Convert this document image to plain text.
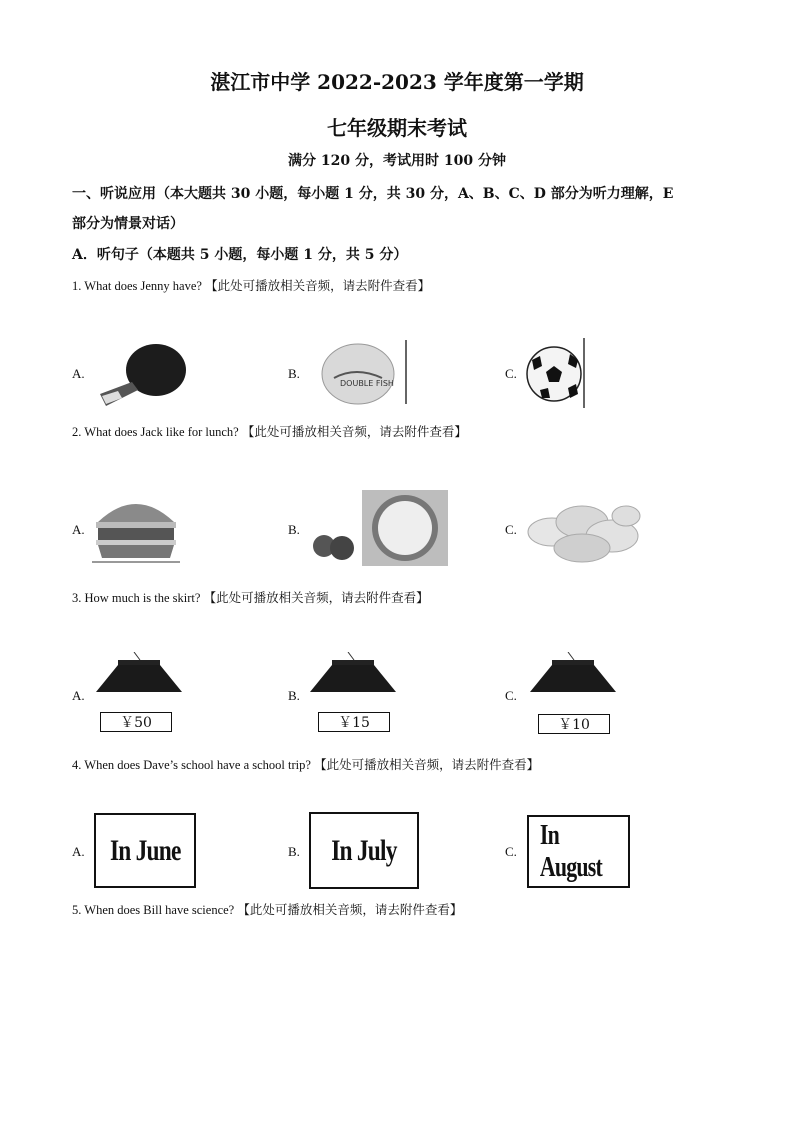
湛江市中学 2022-2023 学年度第一学期
七年级期末考试
满分 120 分，考试用时 100 分钟
一、听说应用（本大题共 30 小题，每小题 1 分，共 30 分，A、B、C、D 部分为听力理解，E
部分为情景对话）
A．听句子（本题共 5 小题，每小题 1 分，共 5 分）
1. What does Jenny have? 【此处可播放相关音频，请去附件查看】
A.	B.	C.
DOUBLE FISH
2. What does Jack like for lunch? 【此处可播放相关音频，请去附件查看】
A.	B.	C.
3. How much is the skirt? 【此处可播放相关音频，请去附件查看】
A.	B.	C.
￥50	￥15	￥10
4. When does Dave’s school have a school trip? 【此处可播放相关音频，请去附件查看】
A.	B.	C.
In June	In July	In August
5. When does Bill have science? 【此处可播放相关音频，请去附件查看】
